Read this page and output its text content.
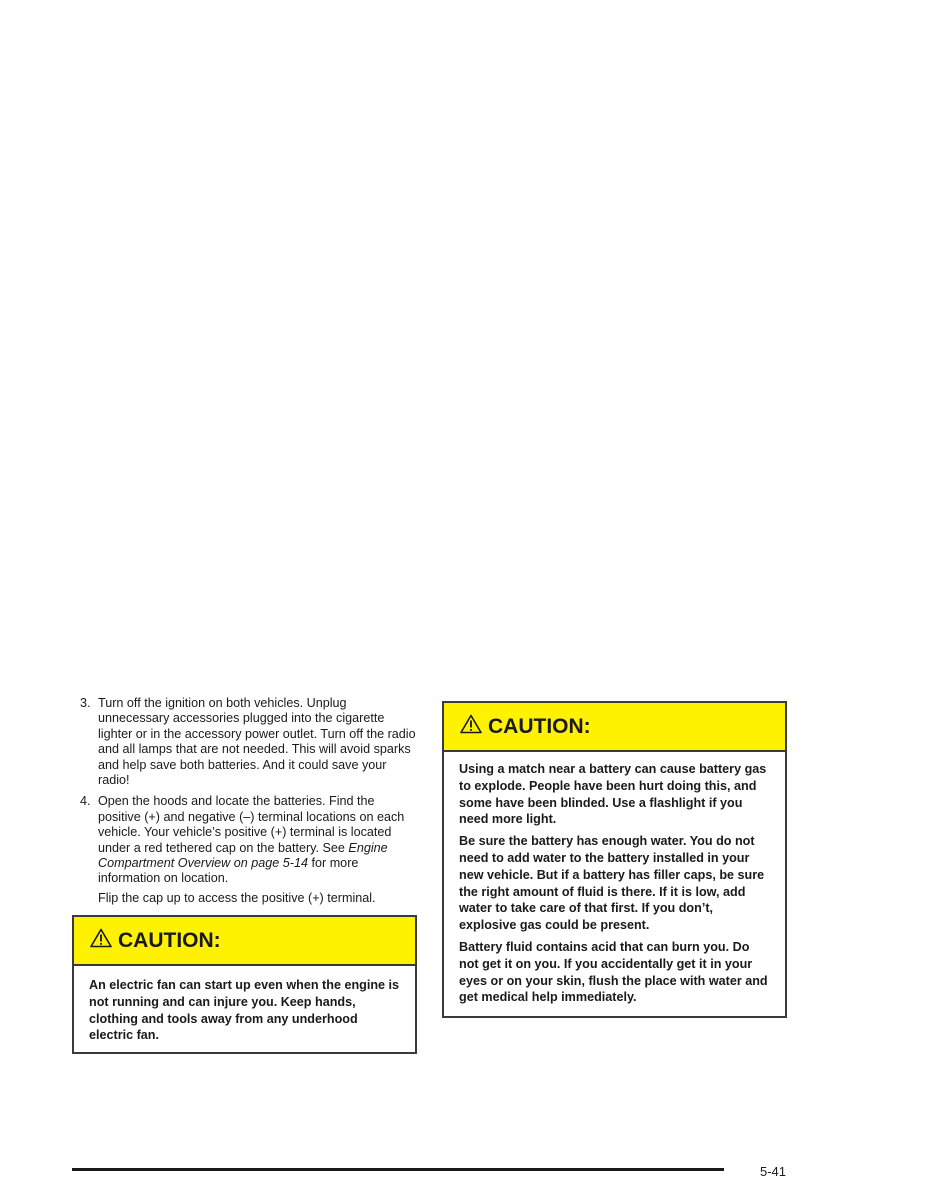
3. Turn off the ignition on both vehicles. Unplug unnecessary accessories plugged into the cigarette lighter or in the accessory power outlet. Turn off the radio and all lamps that are not needed. This will avoid sparks and help save both batteries. And it could save your radio!
4. Open the hoods and locate the batteries. Find the positive (+) and negative (–) terminal locations on each vehicle. Your vehicle’s positive (+) terminal is located under a red tethered cap on the battery. See Engine Compartment Overview on page 5-14 for more information on location.
Flip the cap up to access the positive (+) terminal.
CAUTION:

An electric fan can start up even when the engine is not running and can injure you. Keep hands, clothing and tools away from any underhood electric fan.

CAUTION:

Using a match near a battery can cause battery gas to explode. People have been hurt doing this, and some have been blinded. Use a flashlight if you need more light.

Be sure the battery has enough water. You do not need to add water to the battery installed in your new vehicle. But if a battery has filler caps, be sure the right amount of fluid is there. If it is low, add water to take care of that first. If you don’t, explosive gas could be present.

Battery fluid contains acid that can burn you. Do not get it on you. If you accidentally get it in your eyes or on your skin, flush the place with water and get medical help immediately.

5-41
